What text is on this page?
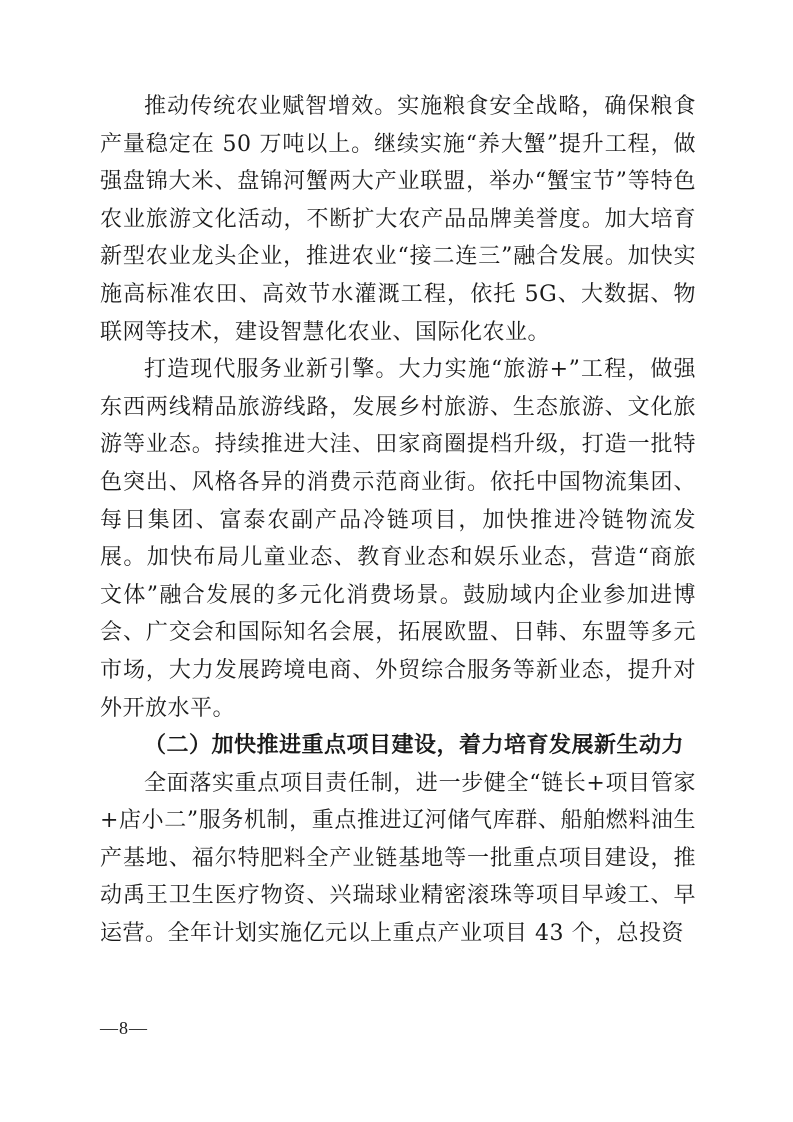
推动传统农业赋智增效。实施粮食安全战略，确保粮食产量稳定在 50 万吨以上。继续实施“养大蟹”提升工程，做强盘锦大米、盘锦河蟹两大产业联盟，举办“蟹宝节”等特色农业旅游文化活动，不断扩大农产品品牌美誉度。加大培育新型农业龙头企业，推进农业“接二连三”融合发展。加快实施高标准农田、高效节水灌溉工程，依托 5G、大数据、物联网等技术，建设智慧化农业、国际化农业。

打造现代服务业新引擎。大力实施“旅游+”工程，做强东西两线精品旅游线路，发展乡村旅游、生态旅游、文化旅游等业态。持续推进大洼、田家商圈提档升级，打造一批特色突出、风格各异的消费示范商业街。依托中国物流集团、每日集团、富泰农副产品冷链项目，加快推进冷链物流发展。加快布局儿童业态、教育业态和娱乐业态，营造“商旅文体”融合发展的多元化消费场景。鼓励域内企业参加进博会、广交会和国际知名会展，拓展欧盟、日韩、东盟等多元市场，大力发展跨境电商、外贸综合服务等新业态，提升对外开放水平。

（二）加快推进重点项目建设，着力培育发展新生动力

全面落实重点项目责任制，进一步健全“链长+项目管家+店小二”服务机制，重点推进辽河储气库群、船舶燃料油生产基地、福尔特肥料全产业链基地等一批重点项目建设，推动禹王卫生医疗物资、兴瑞球业精密滚珠等项目早竣工、早运营。全年计划实施亿元以上重点产业项目 43 个，总投资

—8—
